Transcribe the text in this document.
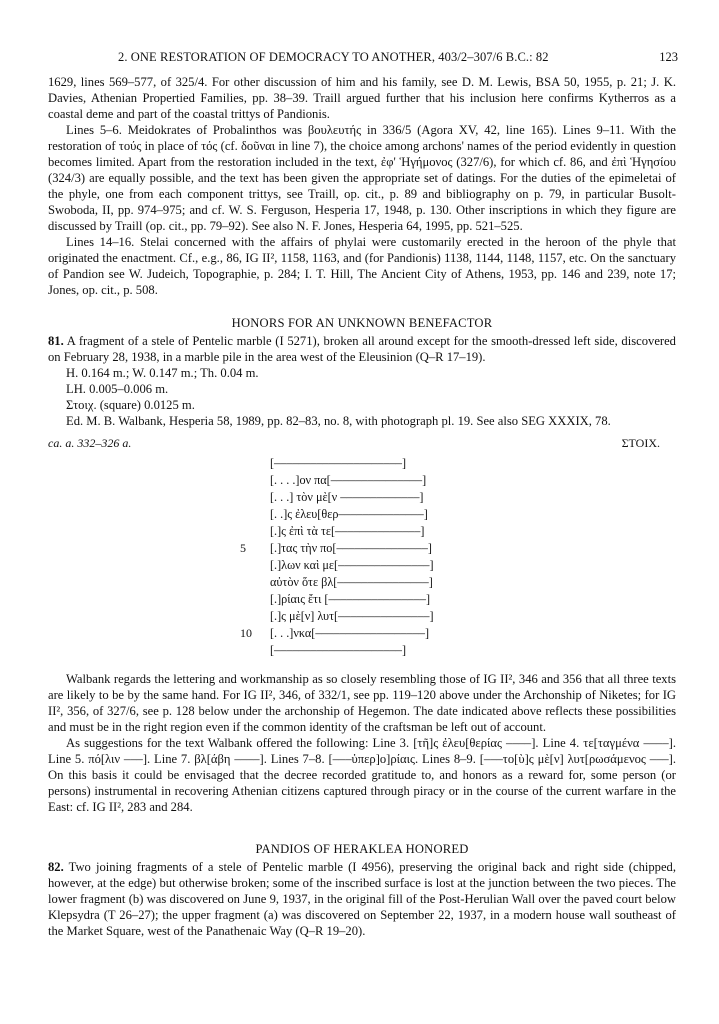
2. ONE RESTORATION OF DEMOCRACY TO ANOTHER, 403/2–307/6 B.C.: 82	123

1629, lines 569–577, of 325/4. For other discussion of him and his family, see D. M. Lewis, BSA 50, 1955, p. 21; J. K. Davies, Athenian Propertied Families, pp. 38–39. Traill argued further that his inclusion here confirms Kytherros as a coastal deme and part of the coastal trittys of Pandionis.

Lines 5–6. Meidokrates of Probalinthos was βουλευτής in 336/5 (Agora XV, 42, line 165). Lines 9–11. With the restoration of τούς in place of τός (cf. δοῦναι in line 7), the choice among archons' names of the period evidently in question becomes limited. Apart from the restoration included in the text, ἐφ' Ἡγήμονος (327/6), for which cf. 86, and ἐπὶ Ἡγησίου (324/3) are equally possible, and the text has been given the appropriate set of datings. For the duties of the epimeletai of the phyle, one from each component trittys, see Traill, op. cit., p. 89 and bibliography on p. 79, in particular Busolt-Swoboda, II, pp. 974–975; and cf. W. S. Ferguson, Hesperia 17, 1948, p. 130. Other inscriptions in which they figure are discussed by Traill (op. cit., pp. 79–92). See also N. F. Jones, Hesperia 64, 1995, pp. 521–525.

Lines 14–16. Stelai concerned with the affairs of phylai were customarily erected in the heroon of the phyle that originated the enactment. Cf., e.g., 86, IG II², 1158, 1163, and (for Pandionis) 1138, 1144, 1148, 1157, etc. On the sanctuary of Pandion see W. Judeich, Topographie, p. 284; I. T. Hill, The Ancient City of Athens, 1953, pp. 146 and 239, note 17; Jones, op. cit., p. 508.

HONORS FOR AN UNKNOWN BENEFACTOR

81. A fragment of a stele of Pentelic marble (I 5271), broken all around except for the smooth-dressed left side, discovered on February 28, 1938, in a marble pile in the area west of the Eleusinion (Q–R 17–19).

H. 0.164 m.; W. 0.147 m.; Th. 0.04 m.

LH. 0.005–0.006 m.

Στοιχ. (square) 0.0125 m.

Ed. M. B. Walbank, Hesperia 58, 1989, pp. 82–83, no. 8, with photograph pl. 19. See also SEG XXXIX, 78.

ca. a. 332–326 a.	ΣΤΟΙΧ.
[–––––––––––––––––––––]
[. . . .]ον πα[–––––––––––––––]
[. . .] τὸν μὲ[ν –––––––––––––]
[. .]ς ἐλευ[θερ––––––––––––––]
[.]ς ἐπὶ τὰ τε[––––––––––––––]
5 [.]τας τὴν πο[–––––––––––––––]
[.]λων καὶ με[–––––––––––––––]
αὐτὸν ὅτε βλ[–––––––––––––––]
[.]ρίαις ἔτι [––––––––––––––––]
[.]ς μὲ[ν] λυτ[–––––––––––––––]
10 [. . .]νκα[––––––––––––––––––]
[–––––––––––––––––––––]

Walbank regards the lettering and workmanship as so closely resembling those of IG II², 346 and 356 that all three texts are likely to be by the same hand. For IG II², 346, of 332/1, see pp. 119–120 above under the Archonship of Niketes; for IG II², 356, of 327/6, see p. 128 below under the archonship of Hegemon. The date indicated above reflects these possibilities and must be in the right region even if the common identity of the craftsman be left out of account.

As suggestions for the text Walbank offered the following: Line 3. [τῆ]ς ἐλευ[θερίας ––––]. Line 4. τε[ταγμένα ––––]. Line 5. πό[λιν –––]. Line 7. βλ[άβη ––––]. Lines 7–8. [–––ὑπερ]ο]ρίαις. Lines 8–9. [–––το[ὺ]ς μὲ[ν] λυτ[ρωσάμενος –––]. On this basis it could be envisaged that the decree recorded gratitude to, and honors as a reward for, some person (or persons) instrumental in recovering Athenian citizens captured through piracy or in the course of the current warfare in the East: cf. IG II², 283 and 284.

PANDIOS OF HERAKLEA HONORED

82. Two joining fragments of a stele of Pentelic marble (I 4956), preserving the original back and right side (chipped, however, at the edge) but otherwise broken; some of the inscribed surface is lost at the junction between the two pieces. The lower fragment (b) was discovered on June 9, 1937, in the original fill of the Post-Herulian Wall over the paved court below Klepsydra (T 26–27); the upper fragment (a) was discovered on September 22, 1937, in a modern house wall southeast of the Market Square, west of the Panathenaic Way (Q–R 19–20).
